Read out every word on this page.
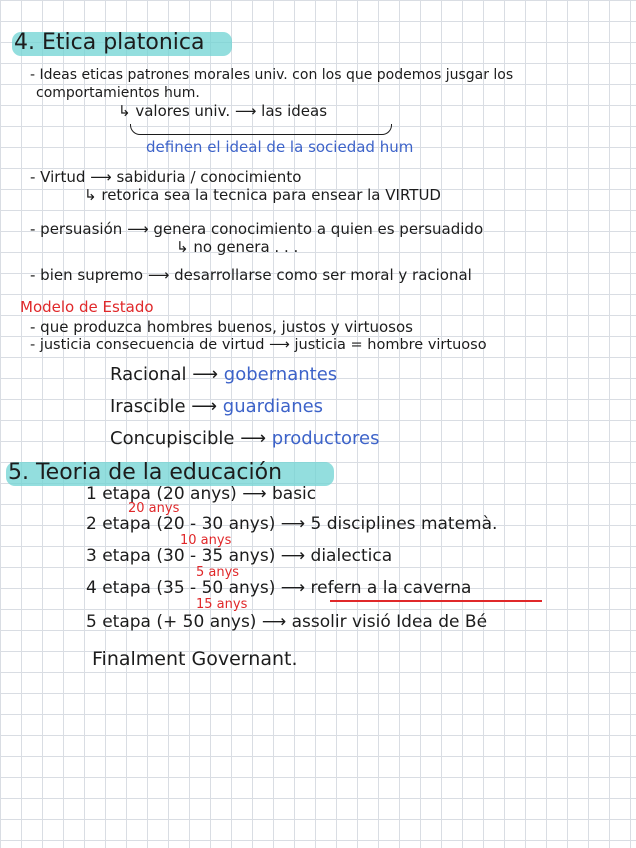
4. Etica platonica
- Ideas eticas patrones morales univ. con los que podemos jusgar los
comportamientos hum.
↳ valores univ. ⟶ las ideas
definen el ideal de la sociedad hum
- Virtud ⟶ sabiduria / conocimiento
↳ retorica sea la tecnica para ensear la VIRTUD
- persuasión ⟶ genera conocimiento a quien es persuadido
↳ no genera . . .
- bien supremo ⟶ desarrollarse como ser moral y racional
Modelo de Estado
- que produzca hombres buenos, justos y virtuosos
- justicia consecuencia de virtud ⟶ justicia = hombre virtuoso
Racional ⟶ gobernantes
Irascible ⟶ guardianes
Concupiscible ⟶ productores
5. Teoria de la educación
1 etapa (20 anys) ⟶ basic
20 anys
2 etapa (20 - 30 anys) ⟶ 5 disciplines matemà.
10 anys
3 etapa (30 - 35 anys) ⟶ dialectica
5 anys
4 etapa (35 - 50 anys) ⟶ refern a la caverna
15 anys
5 etapa (+ 50 anys) ⟶ assolir visió Idea de Bé
Finalment Governant.
